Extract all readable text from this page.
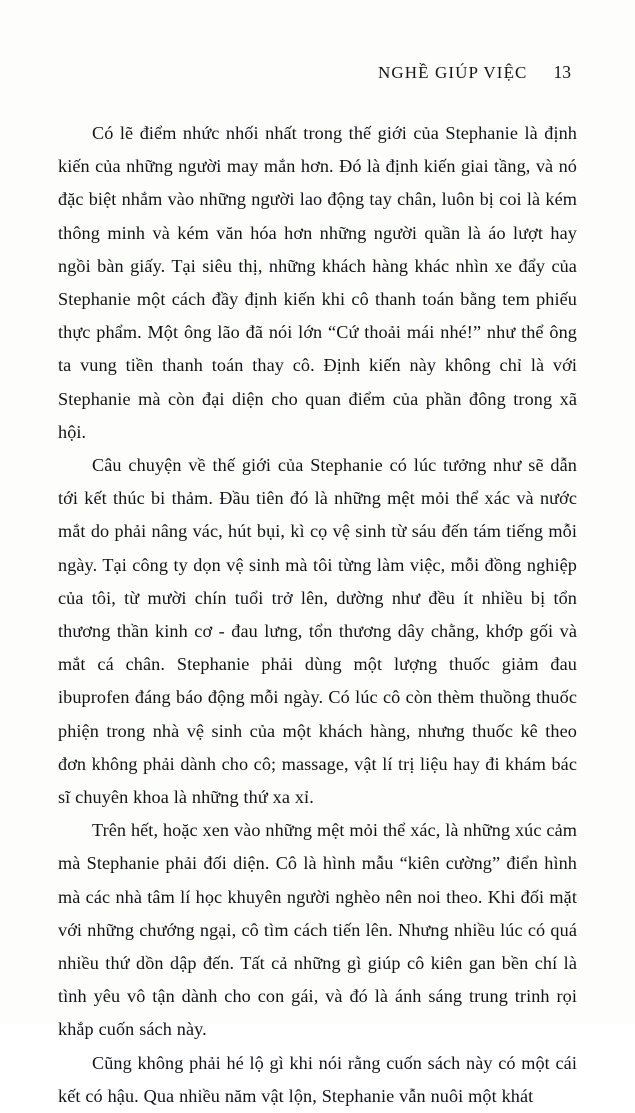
NGHỀ GIÚP VIỆC 13

Có lẽ điểm nhức nhối nhất trong thế giới của Stephanie là định kiến của những người may mắn hơn. Đó là định kiến giai tầng, và nó đặc biệt nhắm vào những người lao động tay chân, luôn bị coi là kém thông minh và kém văn hóa hơn những người quần là áo lượt hay ngồi bàn giấy. Tại siêu thị, những khách hàng khác nhìn xe đẩy của Stephanie một cách đầy định kiến khi cô thanh toán bằng tem phiếu thực phẩm. Một ông lão đã nói lớn “Cứ thoải mái nhé!” như thể ông ta vung tiền thanh toán thay cô. Định kiến này không chỉ là với Stephanie mà còn đại diện cho quan điểm của phần đông trong xã hội.

Câu chuyện về thế giới của Stephanie có lúc tưởng như sẽ dẫn tới kết thúc bi thảm. Đầu tiên đó là những mệt mỏi thể xác và nước mắt do phải nâng vác, hút bụi, kì cọ vệ sinh từ sáu đến tám tiếng mỗi ngày. Tại công ty dọn vệ sinh mà tôi từng làm việc, mỗi đồng nghiệp của tôi, từ mười chín tuổi trở lên, dường như đều ít nhiều bị tổn thương thần kinh cơ - đau lưng, tổn thương dây chằng, khớp gối và mắt cá chân. Stephanie phải dùng một lượng thuốc giảm đau ibuprofen đáng báo động mỗi ngày. Có lúc cô còn thèm thuồng thuốc phiện trong nhà vệ sinh của một khách hàng, nhưng thuốc kê theo đơn không phải dành cho cô; massage, vật lí trị liệu hay đi khám bác sĩ chuyên khoa là những thứ xa xỉ.

Trên hết, hoặc xen vào những mệt mỏi thể xác, là những xúc cảm mà Stephanie phải đối diện. Cô là hình mẫu “kiên cường” điển hình mà các nhà tâm lí học khuyên người nghèo nên noi theo. Khi đối mặt với những chướng ngại, cô tìm cách tiến lên. Nhưng nhiều lúc có quá nhiều thứ dồn dập đến. Tất cả những gì giúp cô kiên gan bền chí là tình yêu vô tận dành cho con gái, và đó là ánh sáng trung trinh rọi khắp cuốn sách này.

Cũng không phải hé lộ gì khi nói rằng cuốn sách này có một cái kết có hậu. Qua nhiều năm vật lộn, Stephanie vẫn nuôi một khát
